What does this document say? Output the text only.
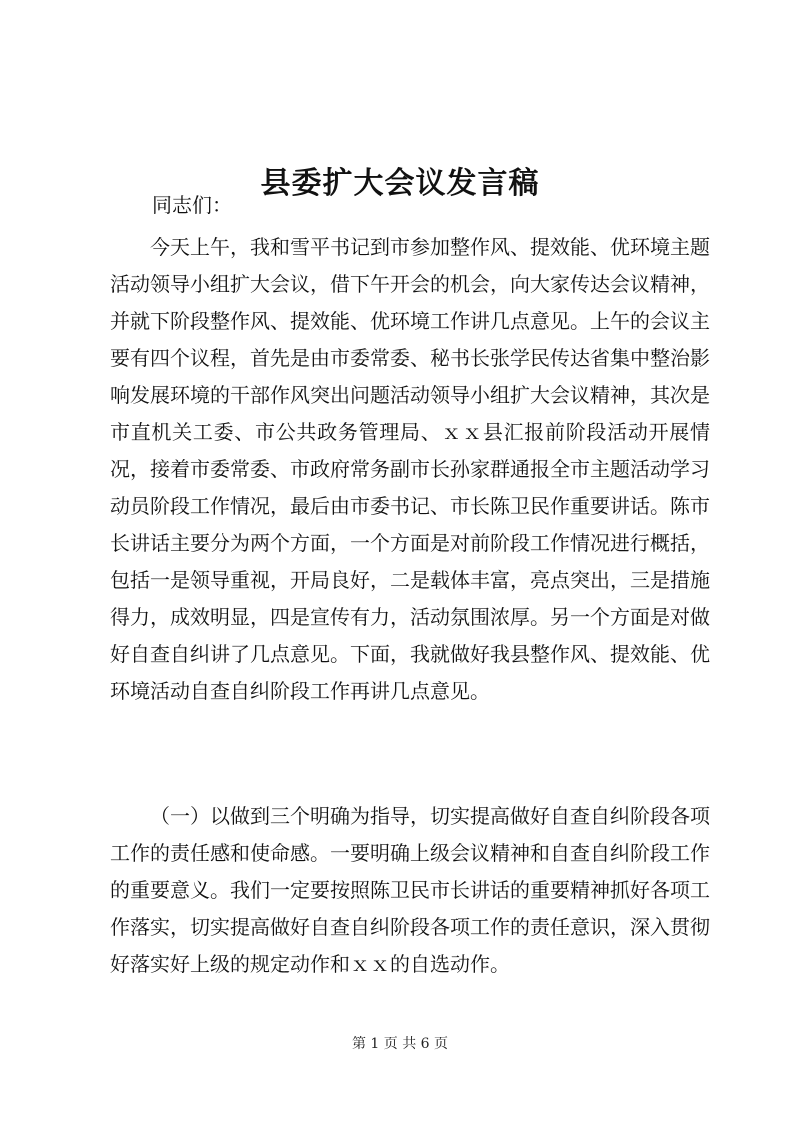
县委扩大会议发言稿
同志们：

今天上午，我和雪平书记到市参加整作风、提效能、优环境主题活动领导小组扩大会议，借下午开会的机会，向大家传达会议精神，并就下阶段整作风、提效能、优环境工作讲几点意见。上午的会议主要有四个议程，首先是由市委常委、秘书长张学民传达省集中整治影响发展环境的干部作风突出问题活动领导小组扩大会议精神，其次是市直机关工委、市公共政务管理局、ｘｘ县汇报前阶段活动开展情况，接着市委常委、市政府常务副市长孙家群通报全市主题活动学习动员阶段工作情况，最后由市委书记、市长陈卫民作重要讲话。陈市长讲话主要分为两个方面，一个方面是对前阶段工作情况进行概括，包括一是领导重视，开局良好，二是载体丰富，亮点突出，三是措施得力，成效明显，四是宣传有力，活动氛围浓厚。另一个方面是对做好自查自纠讲了几点意见。下面，我就做好我县整作风、提效能、优环境活动自查自纠阶段工作再讲几点意见。

（一）以做到三个明确为指导，切实提高做好自查自纠阶段各项工作的责任感和使命感。一要明确上级会议精神和自查自纠阶段工作的重要意义。我们一定要按照陈卫民市长讲话的重要精神抓好各项工作落实，切实提高做好自查自纠阶段各项工作的责任意识，深入贯彻好落实好上级的规定动作和ｘｘ的自选动作。

第 1 页 共 6 页
